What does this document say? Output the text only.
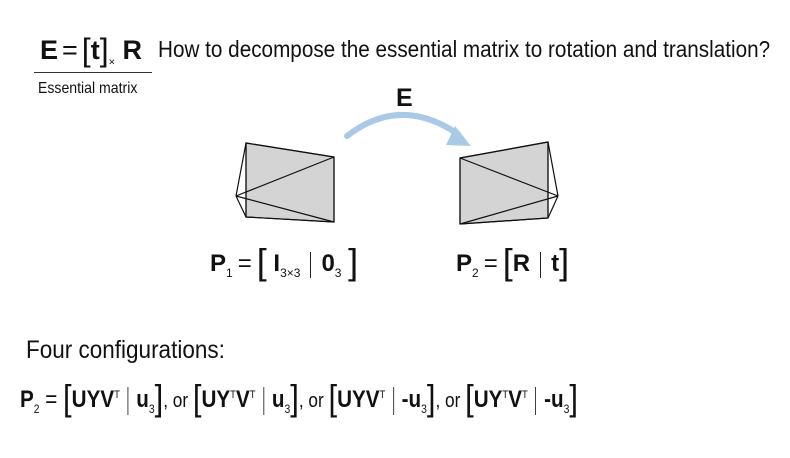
$E = [t]_\times$ R How to decompose the essential matrix to rotation and translation?
Essential matrix	E
$P_1$ = [ $I_{3\times 3}$ $0_3$ ]	$P_2 = [R$ t]
Four configurations:
$P_2 = [UYV^T$ $u_3$], or [$UY^TV^T$ $u_3$], or [$UYV^T$ $-u_3$], or [$UY^TV^T$ $-u_3$]
